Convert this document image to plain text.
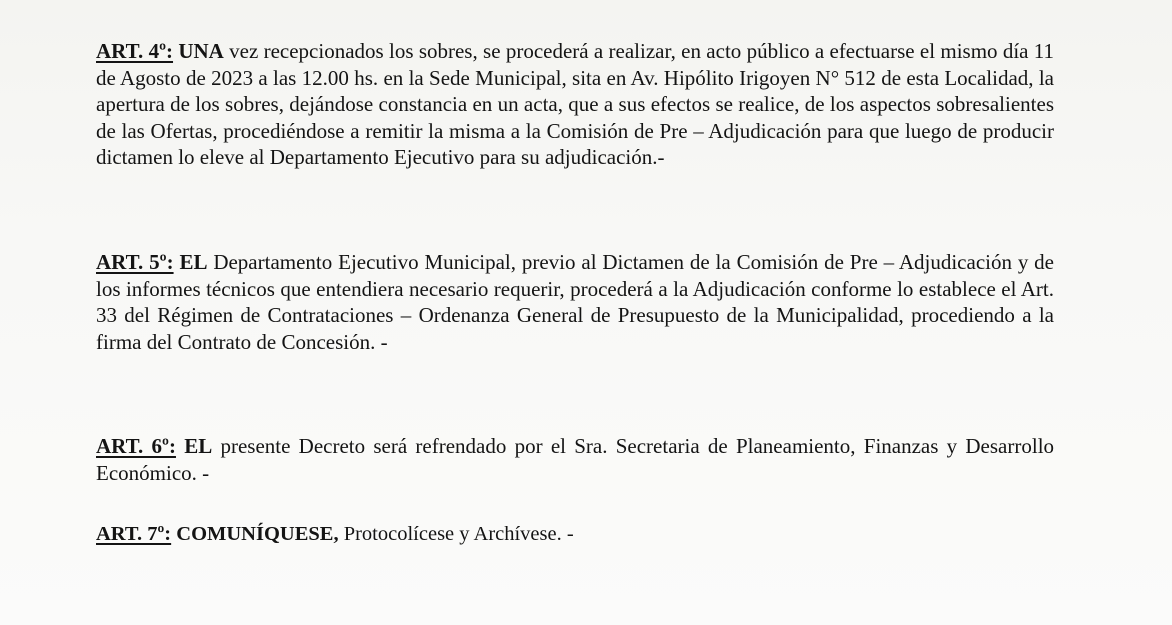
ART. 4º: UNA vez recepcionados los sobres, se procederá a realizar, en acto público a efectuarse el mismo día 11 de Agosto de 2023 a las 12.00 hs. en la Sede Municipal, sita en Av. Hipólito Irigoyen N° 512 de esta Localidad, la apertura de los sobres, dejándose constancia en un acta, que a sus efectos se realice, de los aspectos sobresalientes de las Ofertas, procediéndose a remitir la misma a la Comisión de Pre – Adjudicación para que luego de producir dictamen lo eleve al Departamento Ejecutivo para su adjudicación.-

ART. 5º: EL Departamento Ejecutivo Municipal, previo al Dictamen de la Comisión de Pre – Adjudicación y de los informes técnicos que entendiera necesario requerir, procederá a la Adjudicación conforme lo establece el Art. 33 del Régimen de Contrataciones – Ordenanza General de Presupuesto de la Municipalidad, procediendo a la firma del Contrato de Concesión. -

ART. 6º: EL presente Decreto será refrendado por el Sra. Secretaria de Planeamiento, Finanzas y Desarrollo Económico. -

ART. 7º: COMUNÍQUESE, Protocolícese y Archívese. -
